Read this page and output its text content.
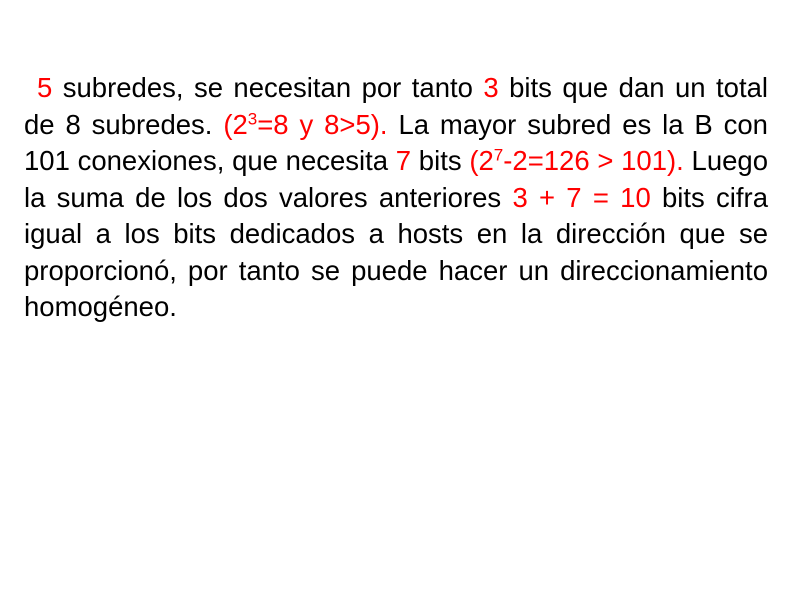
5 subredes, se necesitan por tanto 3 bits que dan un total de 8 subredes. ($2^3=8$ y 8>5). La mayor subred es la B con 101 conexiones, que necesita 7 bits $(2^7-2=126 > 101)$. Luego la suma de los dos valores anteriores 3 + 7 = 10 bits cifra igual a los bits dedicados a hosts en la dirección que se proporcionó, por tanto se puede hacer un direccionamiento homogéneo.
